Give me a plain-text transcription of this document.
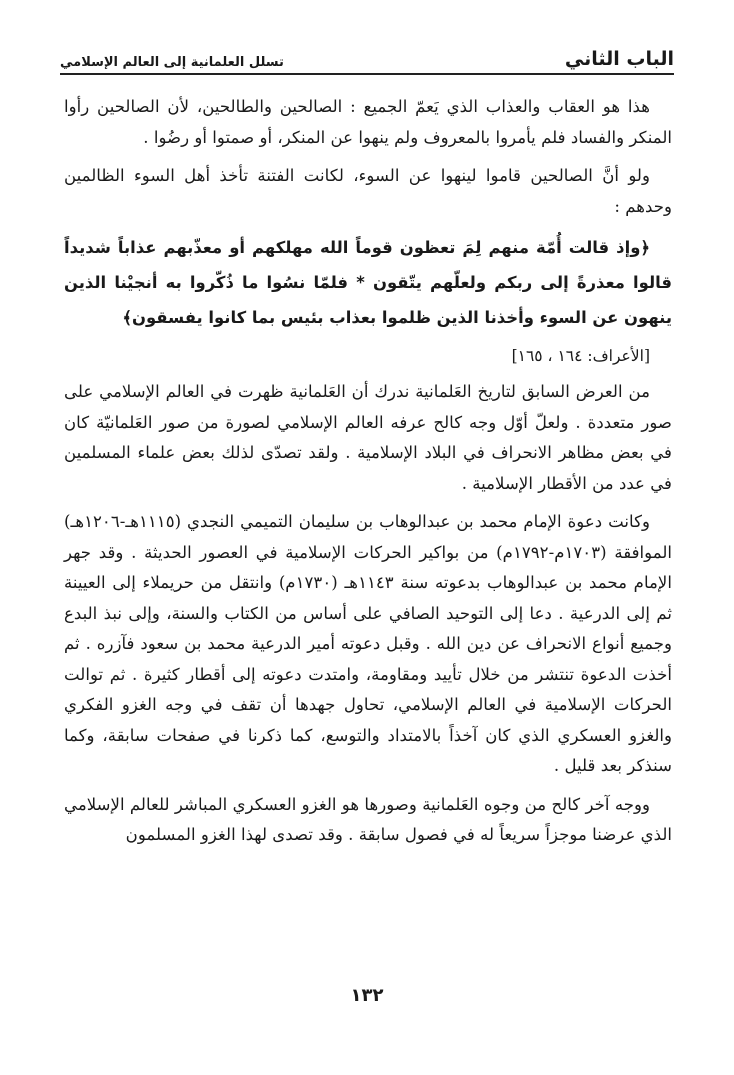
الباب الثاني
تسلل العلمانية إلى العالم الإسلامي

هذا هو العقاب والعذاب الذي يَعمّ الجميع : الصالحين والطالحين، لأن الصالحين رأوا المنكر والفساد فلم يأمروا بالمعروف ولم ينهوا عن المنكر، أو صمتوا أو رضُوا .

ولو أنَّ الصالحين قاموا لينهوا عن السوء، لكانت الفتنة تأخذ أهل السوء الظالمين وحدهم :

﴿وإذ قالت أُمّة منهم لِمَ تعظون قوماً الله مهلكهم أو معذّبهم عذاباً شديداً قالوا معذرةً إلى ربكم ولعلّهم يتّقون * فلمّا نسُوا ما ذُكّروا به أنجيْنا الذين ينهون عن السوء وأخذنا الذين ظلموا بعذاب بئيس بما كانوا يفسقون﴾

[الأعراف: ١٦٤ ، ١٦٥]

من العرض السابق لتاريخ العَلمانية ندرك أن العَلمانية ظهرت في العالم الإسلامي على صور متعددة . ولعلّ أوّل وجه كالح عرفه العالم الإسلامي لصورة من صور العَلمانيّة كان في بعض مظاهر الانحراف في البلاد الإسلامية . ولقد تصدّى لذلك بعض علماء المسلمين في عدد من الأقطار الإسلامية .

وكانت دعوة الإمام محمد بن عبدالوهاب بن سليمان التميمي النجدي (١١١٥هـ-١٢٠٦هـ) الموافقة (١٧٠٣م-١٧٩٢م) من بواكير الحركات الإسلامية في العصور الحديثة . وقد جهر الإمام محمد بن عبدالوهاب بدعوته سنة ١١٤٣هـ (١٧٣٠م) وانتقل من حريملاء إلى العيينة ثم إلى الدرعية . دعا إلى التوحيد الصافي على أساس من الكتاب والسنة، وإلى نبذ البدع وجميع أنواع الانحراف عن دين الله . وقبل دعوته أمير الدرعية محمد بن سعود فآزره . ثم أخذت الدعوة تنتشر من خلال تأييد ومقاومة، وامتدت دعوته إلى أقطار كثيرة . ثم توالت الحركات الإسلامية في العالم الإسلامي، تحاول جهدها أن تقف في وجه الغزو الفكري والغزو العسكري الذي كان آخذاً بالامتداد والتوسع، كما ذكرنا في صفحات سابقة، وكما سنذكر بعد قليل .

ووجه آخر كالح من وجوه العَلمانية وصورها هو الغزو العسكري المباشر للعالم الإسلامي الذي عرضنا موجزاً سريعاً له في فصول سابقة . وقد تصدى لهذا الغزو المسلمون

١٣٢
